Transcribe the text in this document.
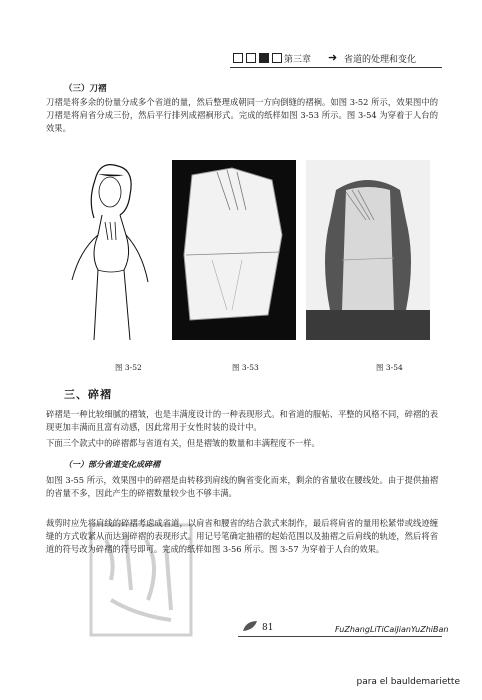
第三章 ➜ 省道的处理和变化
（三）刀褶
刀褶是将多余的份量分成多个省道的量，然后整理成朝同一方向倒缝的褶裥。如图 3-52 所示，效果图中的刀褶是将肩省分成三份，然后平行排列成褶裥形式。完成的纸样如图 3-53 所示。图 3-54 为穿着于人台的效果。
图 3-52	图 3-53	图 3-54
三、碎褶
碎褶是一种比较细腻的褶皱，也是丰满度设计的一种表现形式。和省道的服帖、平整的风格不同，碎褶的表现更加丰满而且富有动感，因此常用于女性时装的设计中。
下面三个款式中的碎褶都与省道有关，但是褶皱的数量和丰满程度不一样。
（一）部分省道变化成碎褶
如图 3-55 所示，效果图中的碎褶是由转移到肩线的胸省变化而来，剩余的省量收在腰线处。由于提供抽褶的省量不多，因此产生的碎褶数量较少也不够丰满。
裁剪时应先将肩线的碎褶考虑成省道，以肩省和腰省的结合款式来制作，最后将肩省的量用松紧带或线迹缠缝的方式收紧从而达到碎褶的表现形式。用记号笔确定抽褶的起始范围以及抽褶之后肩线的轨迹，然后将省道的符号改为碎褶的符号即可。完成的纸样如图 3-56 所示。图 3-57 为穿着于人台的效果。
81	FuZhangLiTiCaiJianYuZhiBan
para el bauldemariette
